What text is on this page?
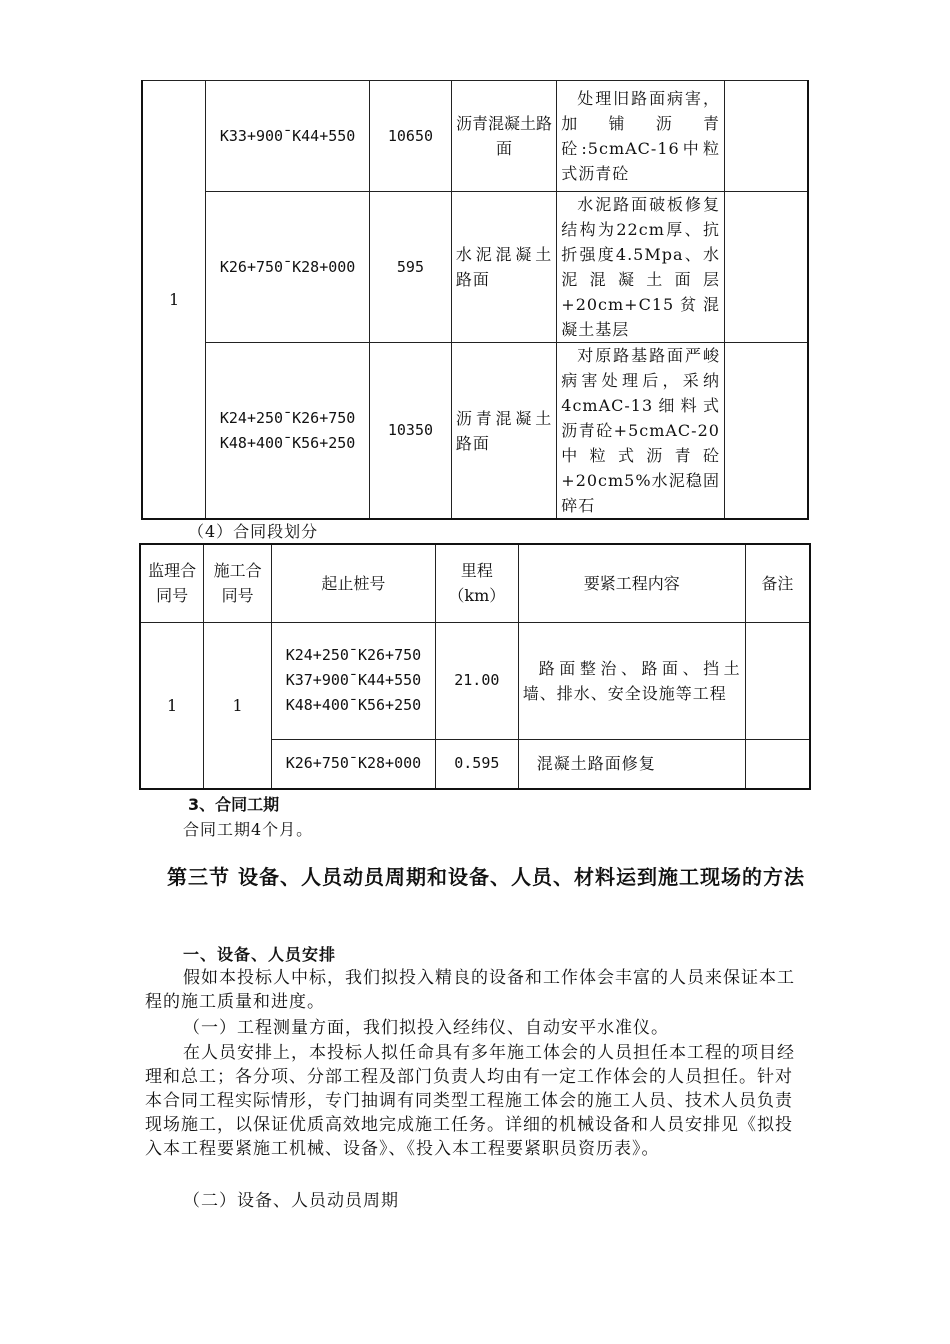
1	K33+900¯K44+550	10650	沥青混凝土路面	处理旧路面病害，加铺沥青砼:5cmAC-16中粒式沥青砼	
	K26+750¯K28+000	595	水泥混凝土路面	水泥路面破板修复结构为22cm厚、抗折强度4.5Mpa、水泥混凝土面层+20cm+C15贫混凝土基层	

	K24+250¯K26+750
K48+400¯K56+250	10350	沥青混凝土路面	对原路基路面严峻病害处理后，采纳4cmAC-13细料式沥青砼+5cmAC-20中粒式沥青砼+20cm5%水泥稳固碎石	
（4）合同段划分
监理合同号	施工合同号	起止桩号	里程（km）	要紧工程内容	备注
1	1	K24+250¯K26+750
K37+900¯K44+550
K48+400¯K56+250	21.00	路面整治、路面、挡土墙、排水、安全设施等工程	
		K26+750¯K28+000	0.595	混凝土路面修复	
3、合同工期
合同工期4个月。
第三节 设备、人员动员周期和设备、人员、材料运到施工现场的方法
一、设备、人员安排
假如本投标人中标，我们拟投入精良的设备和工作体会丰富的人员来保证本工程的施工质量和进度。
（一）工程测量方面，我们拟投入经纬仪、自动安平水准仪。
在人员安排上，本投标人拟任命具有多年施工体会的人员担任本工程的项目经理和总工；各分项、分部工程及部门负责人均由有一定工作体会的人员担任。针对本合同工程实际情形，专门抽调有同类型工程施工体会的施工人员、技术人员负责现场施工，以保证优质高效地完成施工任务。详细的机械设备和人员安排见《拟投入本工程要紧施工机械、设备》、《投入本工程要紧职员资历表》。
（二）设备、人员动员周期
